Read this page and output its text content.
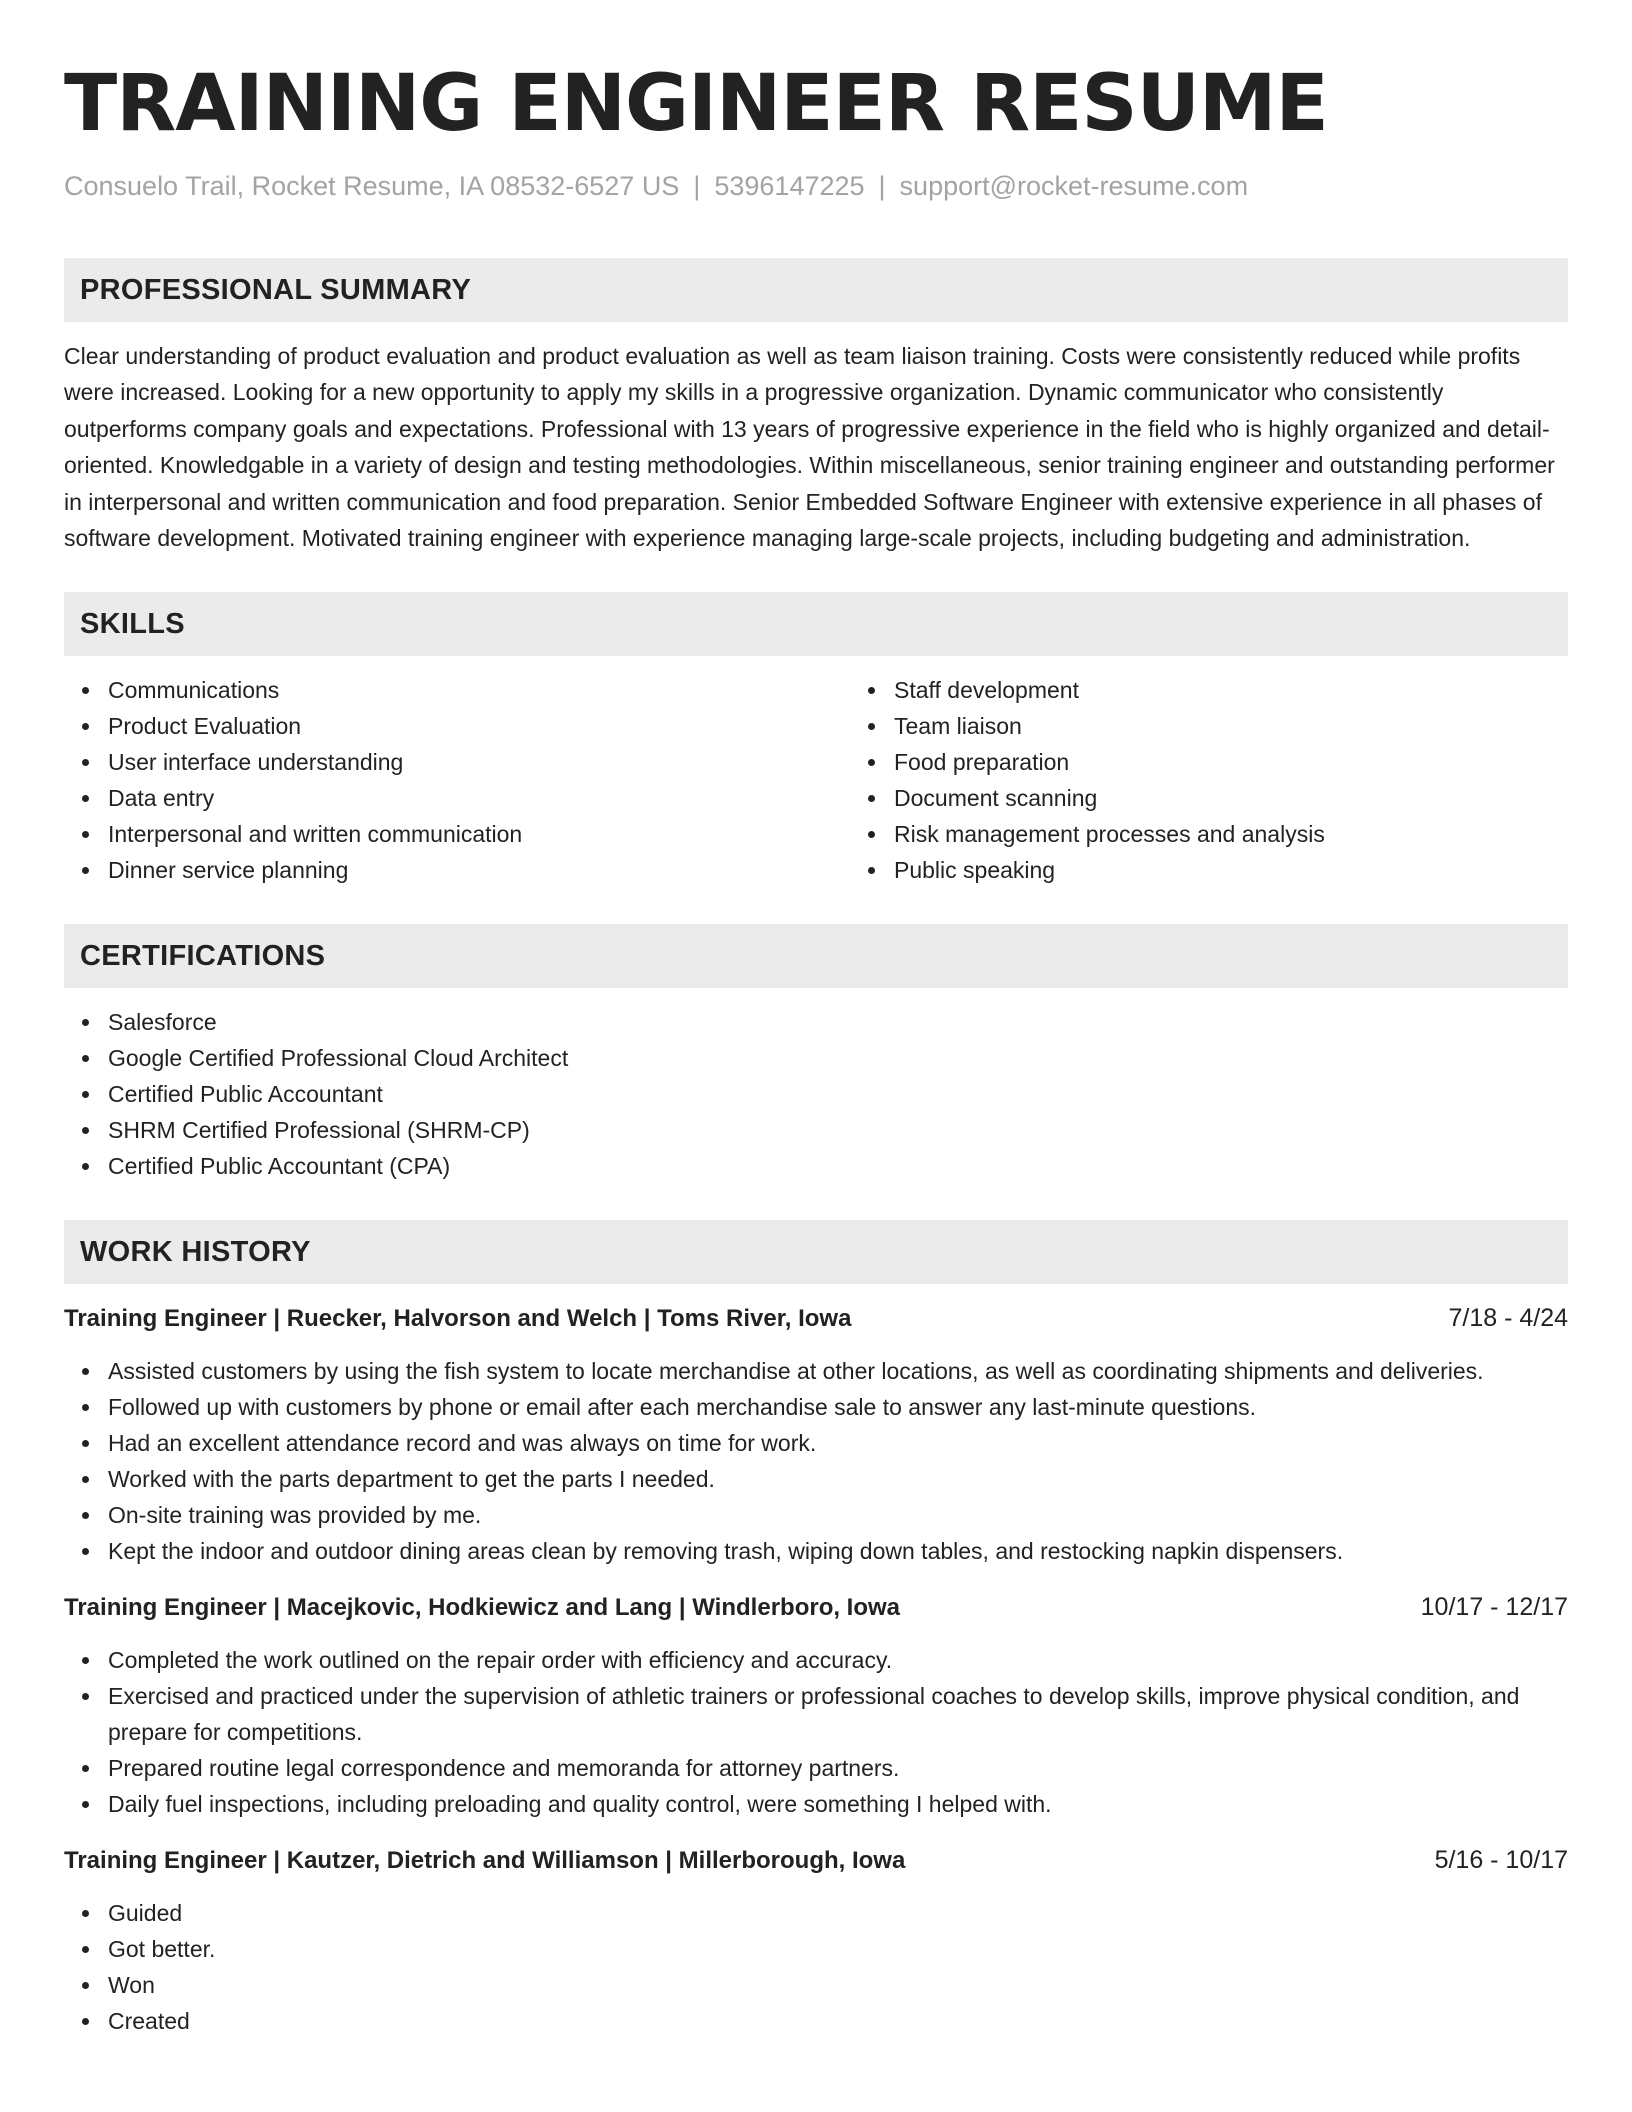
TRAINING ENGINEER RESUME
Consuelo Trail, Rocket Resume, IA 08532-6527 US | 5396147225 | support@rocket-resume.com
PROFESSIONAL SUMMARY

Clear understanding of product evaluation and product evaluation as well as team liaison training. Costs were consistently reduced while profits were increased. Looking for a new opportunity to apply my skills in a progressive organization. Dynamic communicator who consistently outperforms company goals and expectations. Professional with 13 years of progressive experience in the field who is highly organized and detail-oriented. Knowledgable in a variety of design and testing methodologies. Within miscellaneous, senior training engineer and outstanding performer in interpersonal and written communication and food preparation. Senior Embedded Software Engineer with extensive experience in all phases of software development. Motivated training engineer with experience managing large-scale projects, including budgeting and administration.

SKILLS
Communications
Product Evaluation
User interface understanding
Data entry
Interpersonal and written communication
Dinner service planning
Staff development
Team liaison
Food preparation
Document scanning
Risk management processes and analysis
Public speaking
CERTIFICATIONS
Salesforce
Google Certified Professional Cloud Architect
Certified Public Accountant
SHRM Certified Professional (SHRM-CP)
Certified Public Accountant (CPA)
WORK HISTORY
Training Engineer | Ruecker, Halvorson and Welch | Toms River, Iowa	7/18 - 4/24
Assisted customers by using the fish system to locate merchandise at other locations, as well as coordinating shipments and deliveries.
Followed up with customers by phone or email after each merchandise sale to answer any last-minute questions.
Had an excellent attendance record and was always on time for work.
Worked with the parts department to get the parts I needed.
On-site training was provided by me.
Kept the indoor and outdoor dining areas clean by removing trash, wiping down tables, and restocking napkin dispensers.
Training Engineer | Macejkovic, Hodkiewicz and Lang | Windlerboro, Iowa	10/17 - 12/17
Completed the work outlined on the repair order with efficiency and accuracy.
Exercised and practiced under the supervision of athletic trainers or professional coaches to develop skills, improve physical condition, and prepare for competitions.
Prepared routine legal correspondence and memoranda for attorney partners.
Daily fuel inspections, including preloading and quality control, were something I helped with.
Training Engineer | Kautzer, Dietrich and Williamson | Millerborough, Iowa	5/16 - 10/17
Guided
Got better.
Won
Created
